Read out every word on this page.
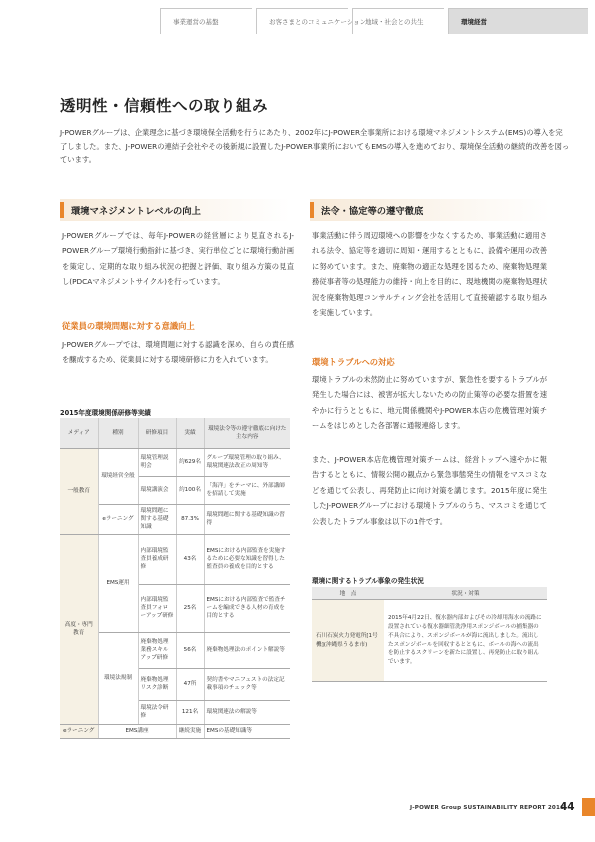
事業運営の基盤	お客さまとのコミュニケーション
地域・社会との共生	環境経営
透明性・信頼性への取り組み
J-POWERグループは、企業理念に基づき環境保全活動を行うにあたり、2002年にJ-POWER全事業所における環境マネジメントシステム(EMS)の導入を完了しました。また、J-POWERの連結子会社やその後新規に設置したJ-POWER事業所においてもEMSの導入を進めており、環境保全活動の継続的改善を図っています。
環境マネジメントレベルの向上
J-POWERグループでは、毎年J-POWERの経営層により見直されるJ-POWERグループ環境行動指針に基づき、実行単位ごとに環境行動計画を策定し、定期的な取り組み状況の把握と評価、取り組み方策の見直し(PDCAマネジメントサイクル)を行っています。
従業員の環境問題に対する意識向上
J-POWERグループでは、環境問題に対する認識を深め、自らの責任感を醸成するため、従業員に対する環境研修に力を入れています。
2015年度環境関係研修等実績
メディア	種別	研修項目	実績	環境法令等の遵守徹底に向けた主な内容
一般教育	環境経営全般	環境管理説明会	約629名	グループ環境管理の取り組み、環境関連法改正の周知等
		環境講演会	約100名	「海洋」をテーマに、外部講師を招請して実施
	eラーニング	環境問題に関する基礎知識	87.3%	環境問題に関する基礎知識の習得
高度・専門教育	EMS運用	内部環境監査員養成研修	43名	EMSにおける内部監査を実施するために必要な知識を習得した監査員の養成を目的とする
		内部環境監査員フォローアップ研修	25名	EMSにおける内部監査で監査チームを編成できる人材の育成を目的とする
	環境法規制	廃棄物処理業務スキルアップ研修	56名	廃棄物処理法のポイント解説等
		廃棄物処理リスク診断	47所	契約書やマニフェストの法定記載事項のチェック等
		環境法令研修	121名	環境関連法の解説等
eラーニング	EMS講座		継続実施	EMSの基礎知識等
法令・協定等の遵守徹底
事業活動に伴う周辺環境への影響を少なくするため、事業活動に適用される法令、協定等を適切に周知・運用するとともに、設備や運用の改善に努めています。また、廃棄物の適正な処理を図るため、廃棄物処理業務従事者等の処理能力の維持・向上を目的に、現地機関の廃棄物処理状況を廃棄物処理コンサルティング会社を活用して直接確認する取り組みを実施しています。
環境トラブルへの対応
環境トラブルの未然防止に努めていますが、緊急性を要するトラブルが発生した場合には、被害が拡大しないための防止策等の必要な措置を速やかに行うとともに、地元関係機関やJ-POWER本店の危機管理対策チームをはじめとした各部署に通報連絡します。
また、J-POWER本店危機管理対策チームは、経営トップへ速やかに報告するとともに、情報公開の観点から緊急事態発生の情報をマスコミなどを通じて公表し、再発防止に向け対策を講じます。2015年度に発生したJ-POWERグループにおける環境トラブルのうち、マスコミを通じて公表したトラブル事象は以下の1件です。
環境に関するトラブル事象の発生状況
地　点	状況・対策
石川石炭火力発電所[1号機](沖縄県うるま市)	2015年4月22日、復水器内部およびその冷却用海水の流路に設置されている復水器細管洗浄用スポンジボールの捕集器の不具合により、スポンジボールが海に流出しました。流出したスポンジボールを回収するとともに、ボールの海への流出を防止するスクリーンを新たに設置し、再発防止に取り組んでいます。
J-POWER Group SUSTAINABILITY REPORT 2016
44
